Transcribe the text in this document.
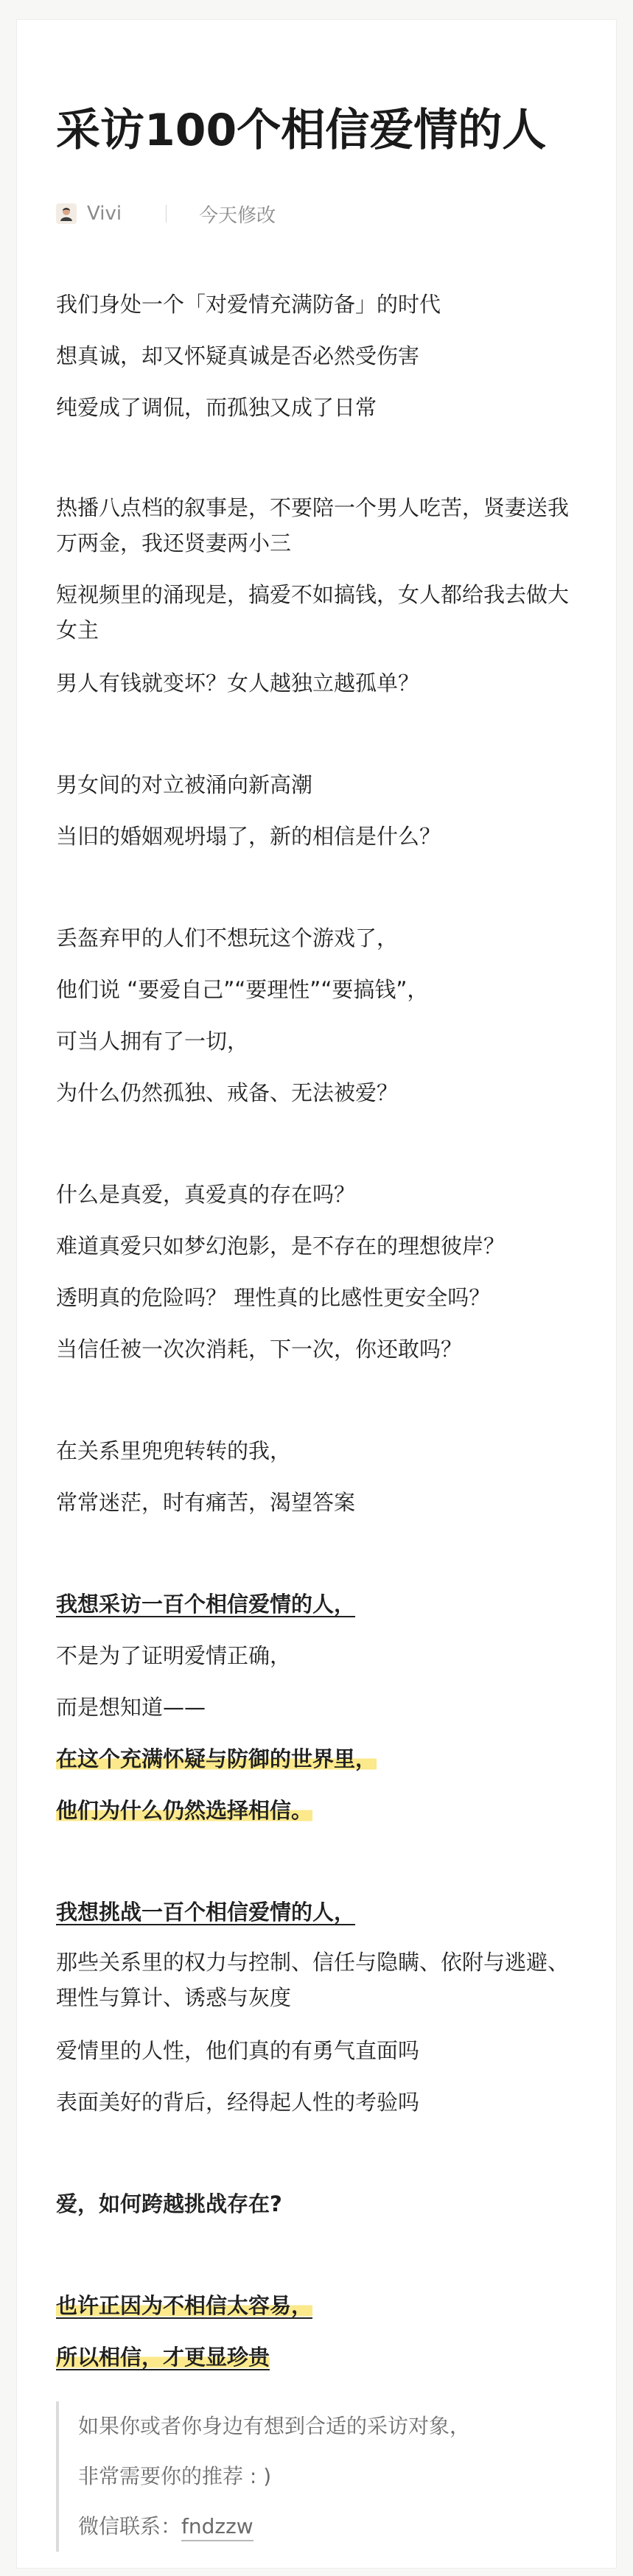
采访100个相信爱情的人
Vivi	今天修改
我们身处一个「对爱情充满防备」的时代
想真诚，却又怀疑真诚是否必然受伤害
纯爱成了调侃，而孤独又成了日常
热播八点档的叙事是，不要陪一个男人吃苦，贤妻送我万两金，我还贤妻两小三
短视频里的涌现是，搞爱不如搞钱，女人都给我去做大女主
男人有钱就变坏？女人越独立越孤单？
男女间的对立被涌向新高潮
当旧的婚姻观坍塌了，新的相信是什么？
丢盔弃甲的人们不想玩这个游戏了，
他们说 “要爱自己”“要理性”“要搞钱”，
可当人拥有了一切，
为什么仍然孤独、戒备、无法被爱？
什么是真爱，真爱真的存在吗？
难道真爱只如梦幻泡影，是不存在的理想彼岸？
透明真的危险吗？ 理性真的比感性更安全吗？
当信任被一次次消耗，下一次，你还敢吗？
在关系里兜兜转转的我，
常常迷茫，时有痛苦，渴望答案
我想采访一百个相信爱情的人，
不是为了证明爱情正确，
而是想知道——
在这个充满怀疑与防御的世界里，
他们为什么仍然选择相信。
我想挑战一百个相信爱情的人，
那些关系里的权力与控制、信任与隐瞒、依附与逃避、理性与算计、诱惑与灰度
爱情里的人性，他们真的有勇气直面吗
表面美好的背后，经得起人性的考验吗
爱，如何跨越挑战存在?
也许正因为不相信太容易，
所以相信，才更显珍贵
如果你或者你身边有想到合适的采访对象，
非常需要你的推荐 : )
微信联系：fndzzw
